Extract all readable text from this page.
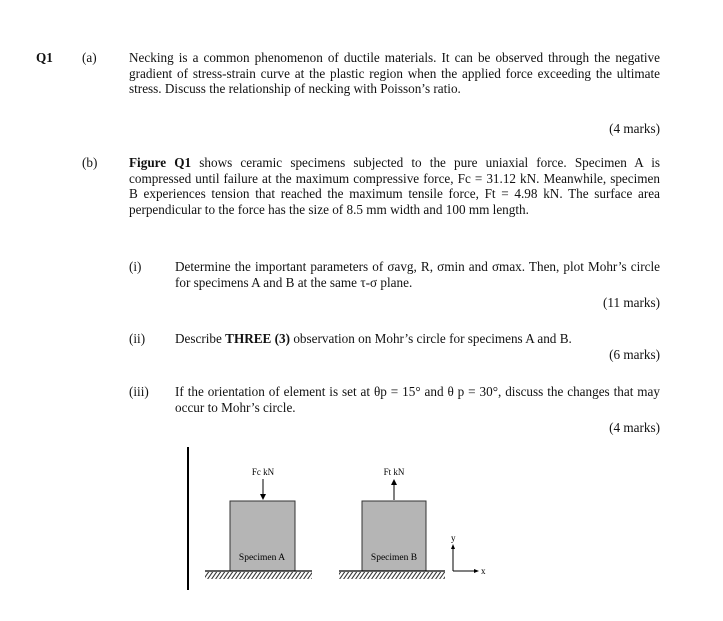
Q1 (a) Necking is a common phenomenon of ductile materials. It can be observed through the negative gradient of stress-strain curve at the plastic region when the applied force exceeding the ultimate stress. Discuss the relationship of necking with Poisson’s ratio.
(4 marks)
(b) Figure Q1 shows ceramic specimens subjected to the pure uniaxial force. Specimen A is compressed until failure at the maximum compressive force, Fc = 31.12 kN. Meanwhile, specimen B experiences tension that reached the maximum tensile force, Ft = 4.98 kN. The surface area perpendicular to the force has the size of 8.5 mm width and 100 mm length.
(i)	Determine the important parameters of σavg, R, σmin and σmax. Then, plot Mohr’s circle for specimens A and B at the same τ-σ plane.
(11 marks)
(ii) Describe THREE (3) observation on Mohr’s circle for specimens A and B.
(6 marks)
(iii) If the orientation of element is set at θp = 15° and θ p = 30°, discuss the changes that may occur to Mohr’s circle.
(4 marks)
Fc kN
Specimen A
Ft kN
Specimen B
y
x
